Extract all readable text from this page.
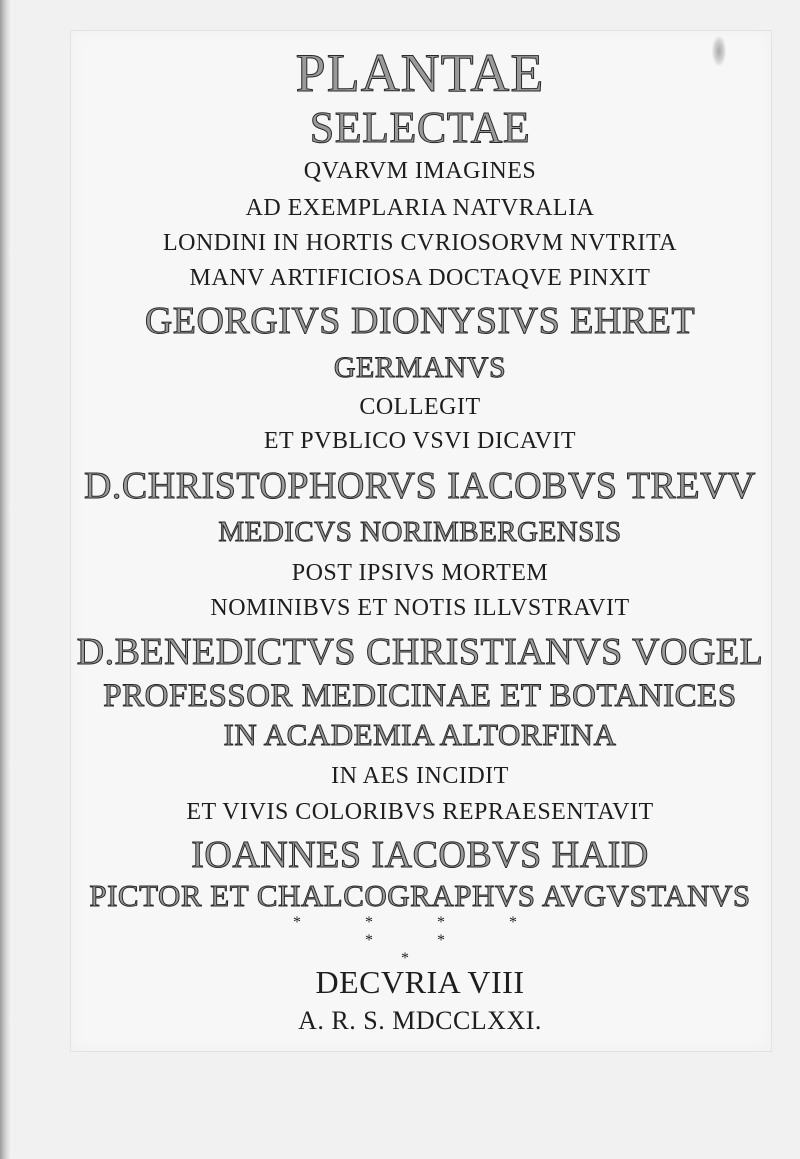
PLANTAE
SELECTAE
QVARVM IMAGINES
AD EXEMPLARIA NATVRALIA
LONDINI IN HORTIS CVRIOSORVM NVTRITA
MANV ARTIFICIOSA DOCTAQVE PINXIT
GEORGIVS DIONYSIVS EHRET
GERMANVS
COLLEGIT
ET PVBLICO VSVI DICAVIT
D.CHRISTOPHORVS IACOBVS TREVV
MEDICVS NORIMBERGENSIS
POST IPSIVS MORTEM
NOMINIBVS ET NOTIS ILLVSTRAVIT
D.BENEDICTVS CHRISTIANVS VOGEL
PROFESSOR MEDICINAE ET BOTANICES
IN ACADEMIA ALTORFINA
IN AES INCIDIT
ET VIVIS COLORIBVS REPRAESENTAVIT
IOANNES IACOBVS HAID
PICTOR ET CHALCOGRAPHVS AVGVSTANVS
* * * *
* *
*
DECVRIA VIII
A. R. S. MDCCLXXI.
